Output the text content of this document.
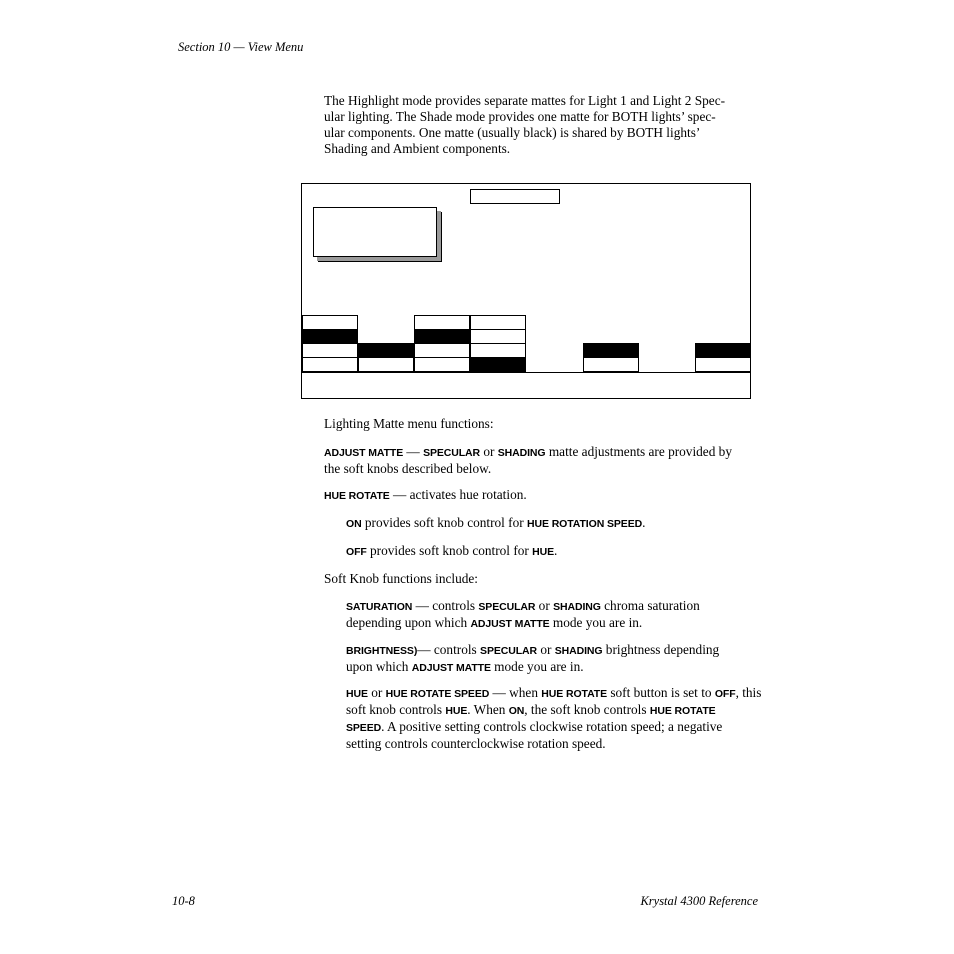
Section 10 — View Menu
The Highlight mode provides separate mattes for Light 1 and Light 2 Spec-
ular lighting. The Shade mode provides one matte for BOTH lights’ spec-
ular components. One matte (usually black) is shared by BOTH lights’
Shading and Ambient components.
Lighting Matte menu functions:
ADJUST MATTE — SPECULAR or SHADING matte adjustments are provided by
the soft knobs described below.
HUE ROTATE — activates hue rotation.
ON provides soft knob control for HUE ROTATION SPEED.
OFF provides soft knob control for HUE.
Soft Knob functions include:
SATURATION — controls SPECULAR or SHADING chroma saturation
depending upon which ADJUST MATTE mode you are in.
BRIGHTNESS)— controls SPECULAR or SHADING brightness depending
upon which ADJUST MATTE mode you are in.
HUE or HUE ROTATE SPEED — when HUE ROTATE soft button is set to OFF, this
soft knob controls HUE. When ON, the soft knob controls HUE ROTATE
SPEED. A positive setting controls clockwise rotation speed; a negative
setting controls counterclockwise rotation speed.
10-8	Krystal 4300 Reference
